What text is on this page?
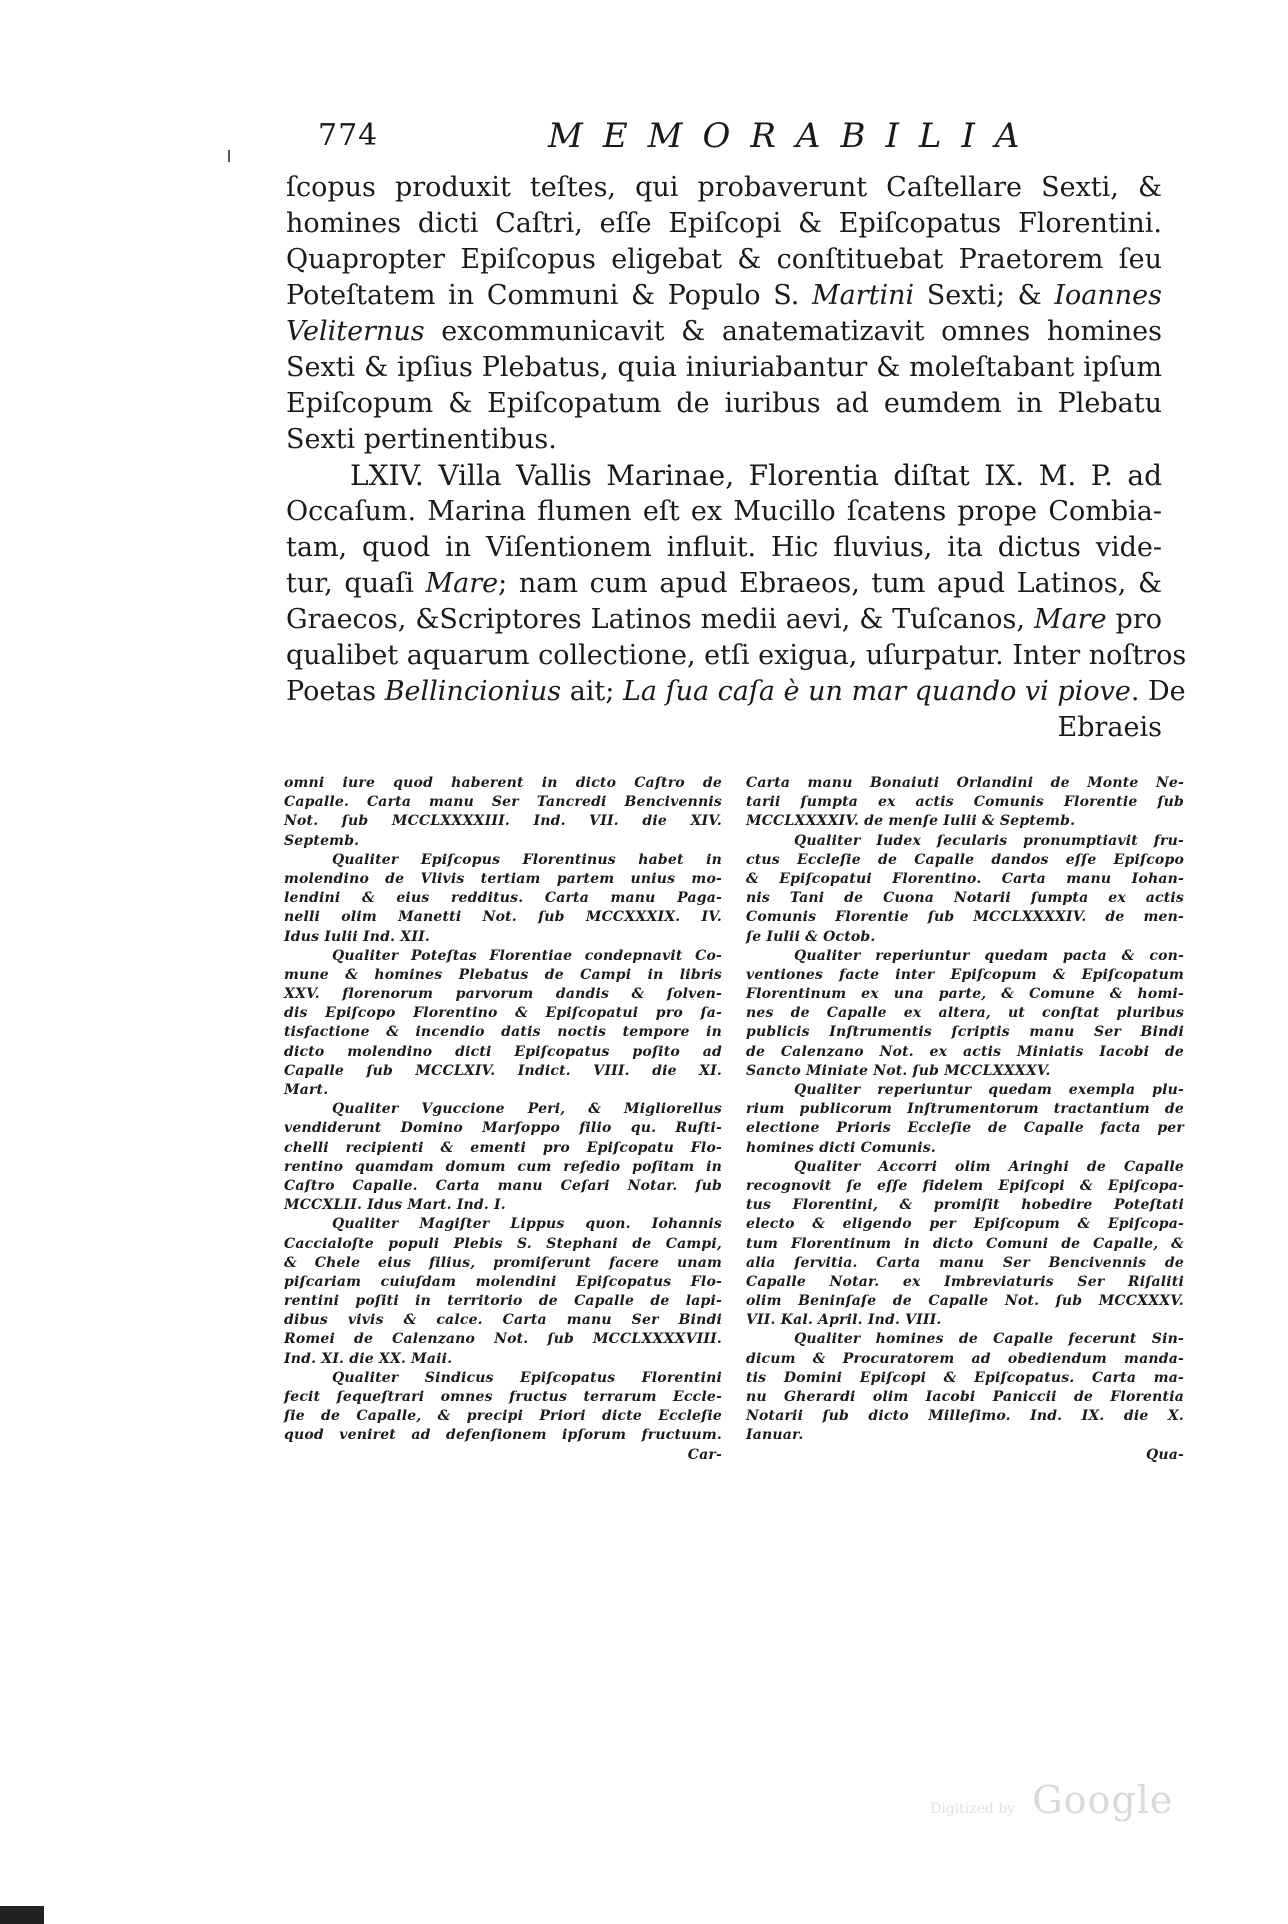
774	MEMORABILIA
ſcopus produxit teſtes, qui probaverunt Caſtellare Sexti, &
homines dicti Caſtri, eſſe Epiſcopi & Epiſcopatus Florentini.
Quapropter Epiſcopus eligebat & conſtituebat Praetorem ſeu
Poteſtatem in Communi & Populo S. Martini Sexti; & Ioannes
Veliternus excommunicavit & anatematizavit omnes homines
Sexti & ipſius Plebatus, quia iniuriabantur & moleſtabant ipſum
Epiſcopum & Epiſcopatum de iuribus ad eumdem in Plebatu
Sexti pertinentibus.
LXIV. Villa Vallis Marinae, Florentia diſtat IX. M. P. ad
Occaſum. Marina flumen eſt ex Mucillo ſcatens prope Combia-
tam, quod in Viſentionem influit. Hic fluvius, ita dictus vide-
tur, quaſi Mare; nam cum apud Ebraeos, tum apud Latinos, &
Graecos, &Scriptores Latinos medii aevi, & Tuſcanos, Mare pro
qualibet aquarum collectione, etſi exigua, uſurpatur. Inter noſtros
Poetas Bellincionius ait; La ſua caſa è un mar quando vi piove. De
Ebraeis
omni iure quod haberent in dicto Caſtro de
Capalle. Carta manu Ser Tancredi Bencivennis
Not. ſub MCCLXXXXIII. Ind. VII. die XIV.
Septemb.
Qualiter Epiſcopus Florentinus habet in
molendino de Vlivis tertiam partem unius mo-
lendini & eius redditus. Carta manu Paga-
nelli olim Manetti Not. ſub MCCXXXIX. IV.
Idus Iulii Ind. XII.
Qualiter Poteſtas Florentiae condepnavit Co-
mune & homines Plebatus de Campi in libris
XXV. florenorum parvorum dandis & ſolven-
dis Epiſcopo Florentino & Epiſcopatui pro ſa-
tisfactione & incendio datis noctis tempore in
dicto molendino dicti Epiſcopatus poſito ad
Capalle ſub MCCLXIV. Indict. VIII. die XI.
Mart.
Qualiter Vguccione Peri, & Migliorellus
vendiderunt Domino Marſoppo filio qu. Ruſti-
chelli recipienti & ementi pro Epiſcopatu Flo-
rentino quamdam domum cum reſedio poſitam in
Caſtro Capalle. Carta manu Ceſari Notar. ſub
MCCXLII. Idus Mart. Ind. I.
Qualiter Magiſter Lippus quon. Iohannis
Caccialoſte populi Plebis S. Stephani de Campi,
& Chele eius filius, promiſerunt facere unam
piſcariam cuiuſdam molendini Epiſcopatus Flo-
rentini poſiti in territorio de Capalle de lapi-
dibus vivis & calce. Carta manu Ser Bindi
Romei de Calenzano Not. ſub MCCLXXXXVIII.
Ind. XI. die XX. Maii.
Qualiter Sindicus Epiſcopatus Florentini
fecit ſequeſtrari omnes fructus terrarum Eccle-
ſie de Capalle, & precipi Priori dicte Eccleſie
quod veniret ad defenſionem ipſorum fructuum.
Car-
Carta manu Bonaiuti Orlandini de Monte Ne-
tarii ſumpta ex actis Comunis Florentie ſub
MCCLXXXXIV. de menſe Iulii & Septemb.
Qualiter Iudex ſecularis pronumptiavit fru-
ctus Eccleſie de Capalle dandos eſſe Epiſcopo
& Epiſcopatui Florentino. Carta manu Iohan-
nis Tani de Cuona Notarii ſumpta ex actis
Comunis Florentie ſub MCCLXXXXIV. de men-
ſe Iulii & Octob.
Qualiter reperiuntur quedam pacta & con-
ventiones facte inter Epiſcopum & Epiſcopatum
Florentinum ex una parte, & Comune & homi-
nes de Capalle ex altera, ut conſtat pluribus
publicis Inſtrumentis ſcriptis manu Ser Bindi
de Calenzano Not. ex actis Miniatis Iacobi de
Sancto Miniate Not. ſub MCCLXXXXV.
Qualiter reperiuntur quedam exempla plu-
rium publicorum Inſtrumentorum tractantium de
electione Prioris Eccleſie de Capalle facta per
homines dicti Comunis.
Qualiter Accorri olim Aringhi de Capalle
recognovit ſe eſſe fidelem Epiſcopi & Epiſcopa-
tus Florentini, & promiſit hobedire Poteſtati
electo & eligendo per Epiſcopum & Epiſcopa-
tum Florentinum in dicto Comuni de Capalle, &
alia ſervitia. Carta manu Ser Bencivennis de
Capalle Notar. ex Imbreviaturis Ser Riſaliti
olim Beninſaſe de Capalle Not. ſub MCCXXXV.
VII. Kal. April. Ind. VIII.
Qualiter homines de Capalle fecerunt Sin-
dicum & Procuratorem ad obediendum manda-
tis Domini Epiſcopi & Epiſcopatus. Carta ma-
nu Gherardi olim Iacobi Paniccii de Florentia
Notarii ſub dicto Milleſimo. Ind. IX. die X.
Ianuar.
Qua-
Digitized by Google
